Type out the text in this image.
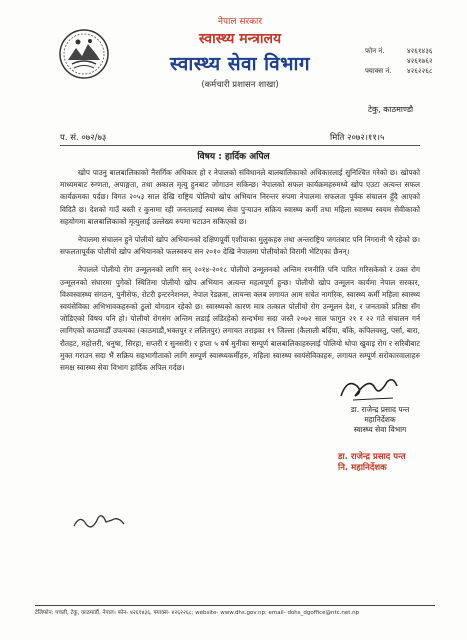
नेपाल सरकार
स्वास्थ्य मन्त्रालय
स्वास्थ्य सेवा विभाग
(कर्मचारी प्रशासन शाखा)
फोन नं.	४२६१४३६
४२६१७६२
फ्याक्स नं.	४२६२२६८
टेकु, काठमाण्डौ
प. सं. ०७२/७३	मिति २०७२।११।५
विषय : हार्दिक अपिल

खोप पाउनु बालबालिकाको नैसर्गिक अधिकार हो र नेपालको संविधानले बालबालिकाको अधिकारलाई सुनिश्चित गरेको छ। खोपको माध्यमबाट रुग्णता, अपाङ्गता, तथा अकाल मृत्यु हुनबाट जोगाउन सकिन्छ। नेपालको सफल कार्यक्रमहरुमध्ये खोप एउटा अत्यन्त सफल कार्यक्रमका पर्दछ। विगत २०५३ साल देखि राष्ट्रिय पोलियो खोप अभियान निरन्तर रुपमा नेपालमा सफलता पूर्वक संचालन हुँदै आएको विदितै छ। देशको गाउँ बस्ती र कुनामा रही जनतालाई स्वास्थ्य सेवा पुऱ्याउन सक्रिय स्वास्थ्य कर्मी तथा महिला स्वास्थ्य स्वयम सेवीकाको सहयोगमा बालबालिकाको मृत्युलाई उल्लेख्य रुपमा घटाउन सकिएको छ।

नेपालमा संचालन हुने पोलीयो खोप अभियानको दक्षिणपूर्वी एशीयाका मुलुकहरु तथा अन्तराष्ट्रिय जगतबाट पनि निगरानी भै रहेको छ। सफलतापूर्वक पोलीयो खोप अभियानको फलस्वरुप सन २०१० देखि नेपालमा पोलीयोको विरामी भेटिएका छैनन्।

नेपालले पोलीयो रोग उन्मूलनको लागि सन् २०१४-२०१८ पोलीयो उन्मूलनको अन्तिम रणनीति पनि पारित गरिसकेको र उक्त रोग उन्मूलनको संघारमा पुगेको स्थितिमा पोलीयो खोप अभियान अत्यन्त महत्वपूर्ण हुन्छ। पोलीयो खोप उन्मूलन कार्यमा नेपाल सरकार, विश्वस्वास्थ्य संगठन, युनीसेफ, रोटरी इन्टरनेशनल, नेपाल रेडक्रस, लायन्स क्लब लगायत आम सचेत नागरिक, स्वास्थ्य कर्मी महिला स्वास्थ्य स्वयंसेविका अभिभावकहरुको ठुलो योगदान रहेको छ। स्वास्थ्यको कारण मात्र तत्काल पोलीयो रोग उन्मूलन देश, र जनताको प्रतिष्ठा सँग जोडिएको विषय पनि हो। पोलीयो रोगसंग अन्तिम लडाई लडिरहेको सन्दर्भमा सदा जस्तै २०७२ साल फागुन २१ र २२ गते संचालन गर्न लागिएको काठमाडौँ उपत्यका (काठमाडौं,भक्तपुर र ललितपुर) लगायत तराइका १९ जिल्ला (कैलाली बर्दिया, बाँके, कपिलवस्तु, पर्सा, बारा, रौतहट, महोत्तरी, धनुषा, सिरहा, सप्तरी र सुनसरी) र हप्ता ५ वर्ष मुनीका सम्पूर्ण बालबालिकाहरुलाई पोलियो थोपा खुवाइ रोग र सरिबीबाट मुक्त गराउन सदा भैं सक्रिय सहभागीताको लागि सम्पूर्ण स्वास्थ्यकर्मीहरु, महिला स्वास्थ्य स्वयंसेविकाहरु, लगायत सम्पूर्ण सरोकारवालाहरु समक्ष स्वास्थ्य सेवा विभाग हार्दिक अपिल गर्दछ।

डा. राजेन्द्र प्रसाद पन्त
महानिर्देशक
स्वास्थ्य सेवा विभाग
डा. राजेन्द्र प्रसाद पन्त
नि. महानिर्देशक
टेलिफोन: पचली, टेकु, काठमाडौं, नेपाल। फोन- ४२६१४३६, फ्याक्स- ४२६२२६८; website- www.dhs.gov.np; email- dohs_dgoffice@ntc.net.np
